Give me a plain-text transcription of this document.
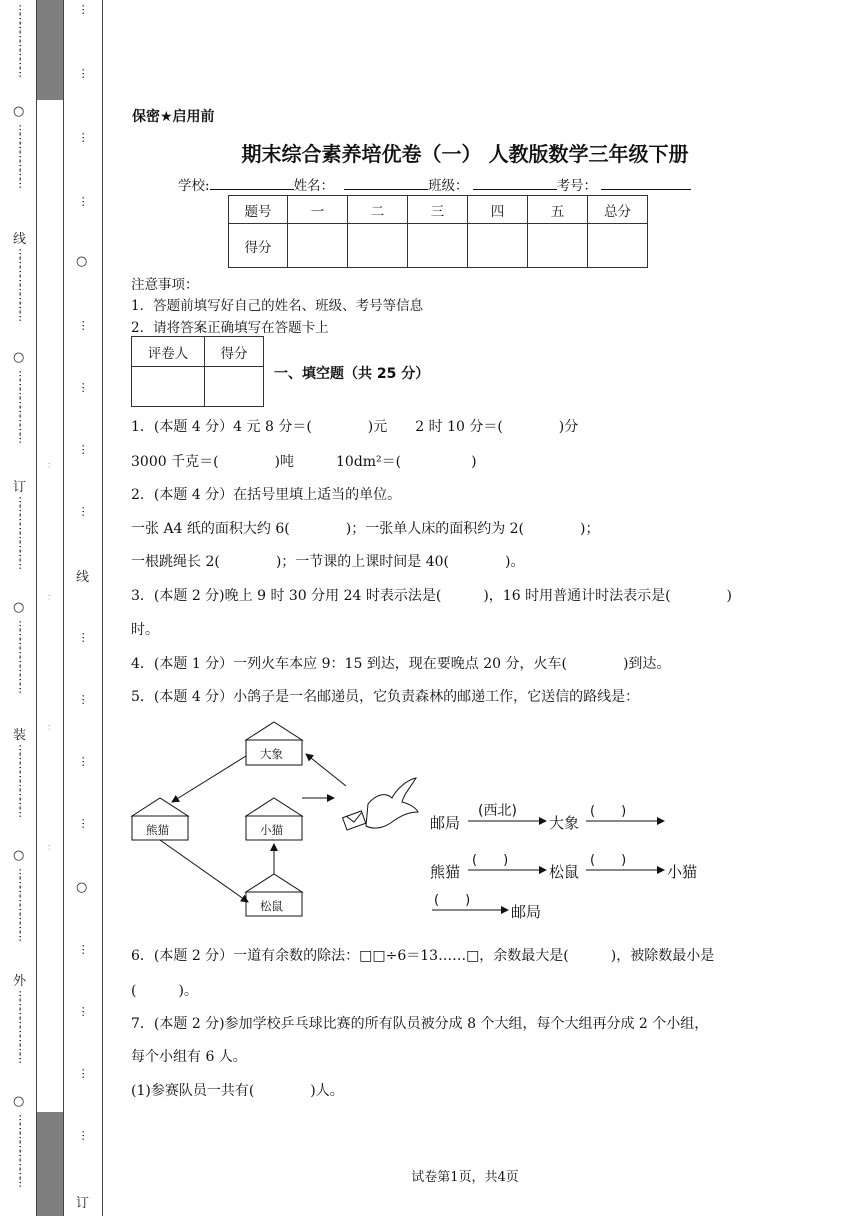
⋯
⋯
⋯
⋯
⋯
⋯
⋯
⋯
○
⋯
⋯
⋯
⋯
⋯
⋯
⋯
线
⋯
⋯
⋯
⋯
⋯
⋯
⋯
⋯
○
⋯
⋯
⋯
⋯
⋯
⋯
⋯
⋯
订
⋯
⋯
⋯
⋯
⋯
⋯
⋯
⋯
○
⋯
⋯
⋯
⋯
⋯
⋯
⋯
⋯
装
⋯
⋯
⋯
⋯
⋯
⋯
⋯
⋯
○
⋯
⋯
⋯
⋯
⋯
⋯
⋯
⋯
外
⋯
⋯
⋯
⋯
⋯
⋯
⋯
⋯
○
⋯
⋯
⋯
⋯
⋯
⋯
⋯
⋯
：
：
：
：
⋯
⋯
⋯
⋯
○
⋯
⋯
⋯
⋯
线
⋯
⋯
⋯
⋯
○
⋯
⋯
⋯
⋯
订
保密★启用前
期末综合素养培优卷（一） 人教版数学三年级下册
学校:	姓名：	班级：	考号：
题号	一	二	三	四	五	总分
得分						
注意事项：
1．答题前填写好自己的姓名、班级、考号等信息
2．请将答案正确填写在答题卡上
评卷人	得分

一、填空题（共 25 分）
1．(本题 4 分）4 元 8 分＝(　　　　)元　　2 时 10 分＝(　　　　)分
3000 千克＝(　　　　)吨　　　10dm²＝(　　　　　)
2．(本题 4 分）在括号里填上适当的单位。
一张 A4 纸的面积大约 6(　　　　)；一张单人床的面积约为 2(　　　　)；
一根跳绳长 2(　　　　)；一节课的上课时间是 40(　　　　)。
3．(本题 2 分)晚上 9 时 30 分用 24 时表示法是(　　　)，16 时用普通计时法表示是(　　　　)
时。
4．(本题 1 分）一列火车本应 9：15 到达，现在要晚点 20 分，火车(　　　　)到达。
5．(本题 4 分）小鸽子是一名邮递员，它负责森林的邮递工作，它送信的路线是：
大象
熊猫	小猫
松鼠
邮局
(西北)
大象
(　　)
熊猫
(　　)
松鼠
(　　)
小猫
(　　)
邮局
6．(本题 2 分）一道有余数的除法：□□÷6＝13……□，余数最大是(　　　)，被除数最小是
(　　　)。
7．(本题 2 分)参加学校乒乓球比赛的所有队员被分成 8 个大组，每个大组再分成 2 个小组，
每个小组有 6 人。
(1)参赛队员一共有(　　　　)人。
试卷第1页，共4页
